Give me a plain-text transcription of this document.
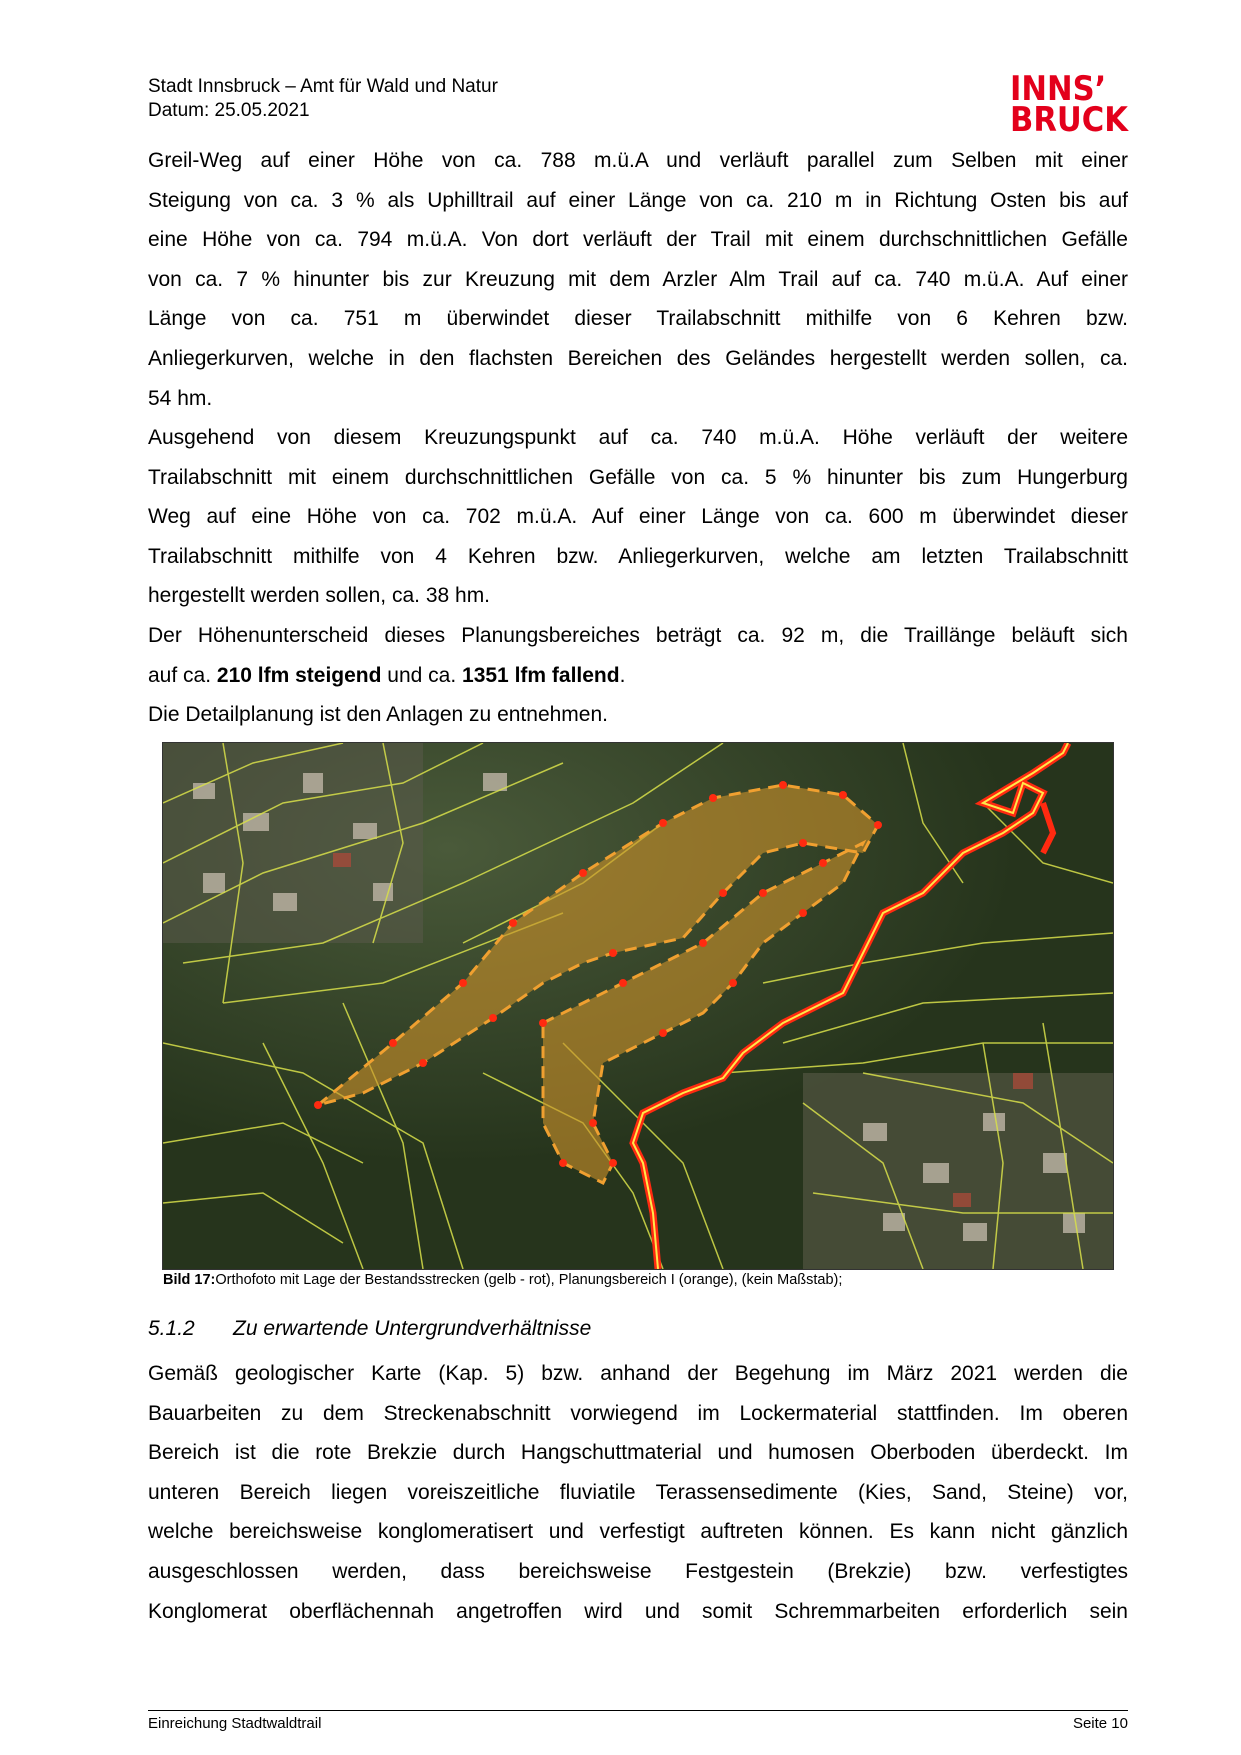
Stadt Innsbruck – Amt für Wald und Natur
Datum: 25.05.2021
INNS’
BRUCK
Greil-Weg auf einer Höhe von ca. 788 m.ü.A und verläuft parallel zum Selben mit einer
Steigung von ca. 3 % als Uphilltrail auf einer Länge von ca. 210 m in Richtung Osten bis auf
eine Höhe von ca. 794 m.ü.A. Von dort verläuft der Trail mit einem durchschnittlichen Gefälle
von ca. 7 % hinunter bis zur Kreuzung mit dem Arzler Alm Trail auf ca. 740 m.ü.A. Auf einer
Länge von ca. 751 m überwindet dieser Trailabschnitt mithilfe von 6 Kehren bzw.
Anliegerkurven, welche in den flachsten Bereichen des Geländes hergestellt werden sollen, ca.
54 hm.
Ausgehend von diesem Kreuzungspunkt auf ca. 740 m.ü.A. Höhe verläuft der weitere
Trailabschnitt mit einem durchschnittlichen Gefälle von ca. 5 % hinunter bis zum Hungerburg
Weg auf eine Höhe von ca. 702 m.ü.A. Auf einer Länge von ca. 600 m überwindet dieser
Trailabschnitt mithilfe von 4 Kehren bzw. Anliegerkurven, welche am letzten Trailabschnitt
hergestellt werden sollen, ca. 38 hm.
Der Höhenunterscheid dieses Planungsbereiches beträgt ca. 92 m, die Traillänge beläuft sich
auf ca. 210 lfm steigend und ca. 1351 lfm fallend.
Die Detailplanung ist den Anlagen zu entnehmen.
Bild 17:Orthofoto mit Lage der Bestandsstrecken (gelb - rot), Planungsbereich I (orange), (kein Maßstab);
5.1.2 Zu erwartende Untergrundverhältnisse
Gemäß geologischer Karte (Kap. 5) bzw. anhand der Begehung im März 2021 werden die
Bauarbeiten zu dem Streckenabschnitt vorwiegend im Lockermaterial stattfinden. Im oberen
Bereich ist die rote Brekzie durch Hangschuttmaterial und humosen Oberboden überdeckt. Im
unteren Bereich liegen voreiszeitliche fluviatile Terassensedimente (Kies, Sand, Steine) vor,
welche bereichsweise konglomeratisert und verfestigt auftreten können. Es kann nicht gänzlich
ausgeschlossen werden, dass bereichsweise Festgestein (Brekzie) bzw. verfestigtes
Konglomerat oberflächennah angetroffen wird und somit Schremmarbeiten erforderlich sein
Einreichung Stadtwaldtrail	Seite 10
